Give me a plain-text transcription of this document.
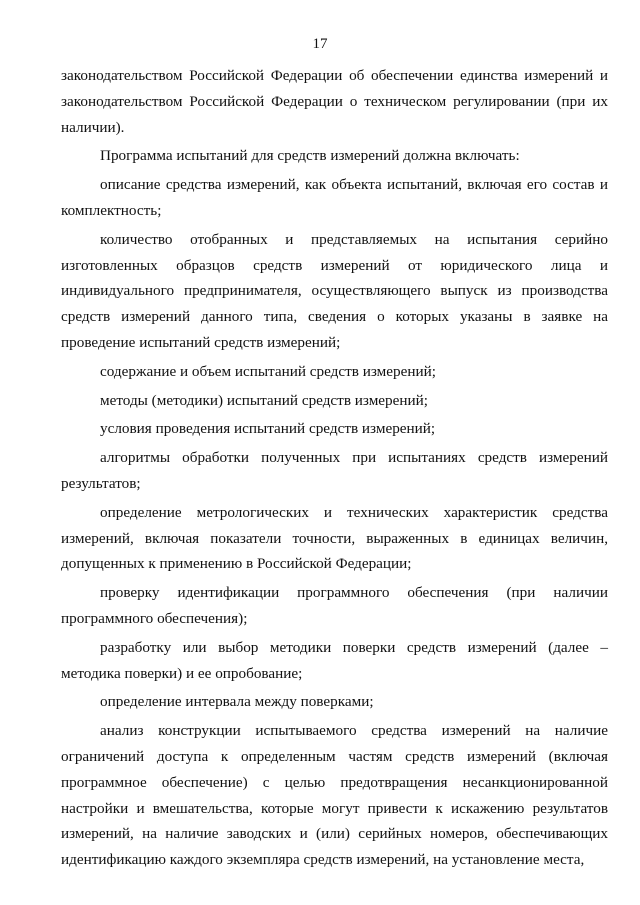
17

законодательством Российской Федерации об обеспечении единства измерений и законодательством Российской Федерации о техническом регулировании (при их наличии).

Программа испытаний для средств измерений должна включать:

описание средства измерений, как объекта испытаний, включая его состав и комплектность;

количество отобранных и представляемых на испытания серийно изготовленных образцов средств измерений от юридического лица и индивидуального предпринимателя, осуществляющего выпуск из производства средств измерений данного типа, сведения о которых указаны в заявке на проведение испытаний средств измерений;

содержание и объем испытаний средств измерений;

методы (методики) испытаний средств измерений;

условия проведения испытаний средств измерений;

алгоритмы обработки полученных при испытаниях средств измерений результатов;

определение метрологических и технических характеристик средства измерений, включая показатели точности, выраженных в единицах величин, допущенных к применению в Российской Федерации;

проверку идентификации программного обеспечения (при наличии программного обеспечения);

разработку или выбор методики поверки средств измерений (далее – методика поверки) и ее опробование;

определение интервала между поверками;

анализ конструкции испытываемого средства измерений на наличие ограничений доступа к определенным частям средств измерений (включая программное обеспечение) с целью предотвращения несанкционированной настройки и вмешательства, которые могут привести к искажению результатов измерений, на наличие заводских и (или) серийных номеров, обеспечивающих идентификацию каждого экземпляра средств измерений, на установление места,
